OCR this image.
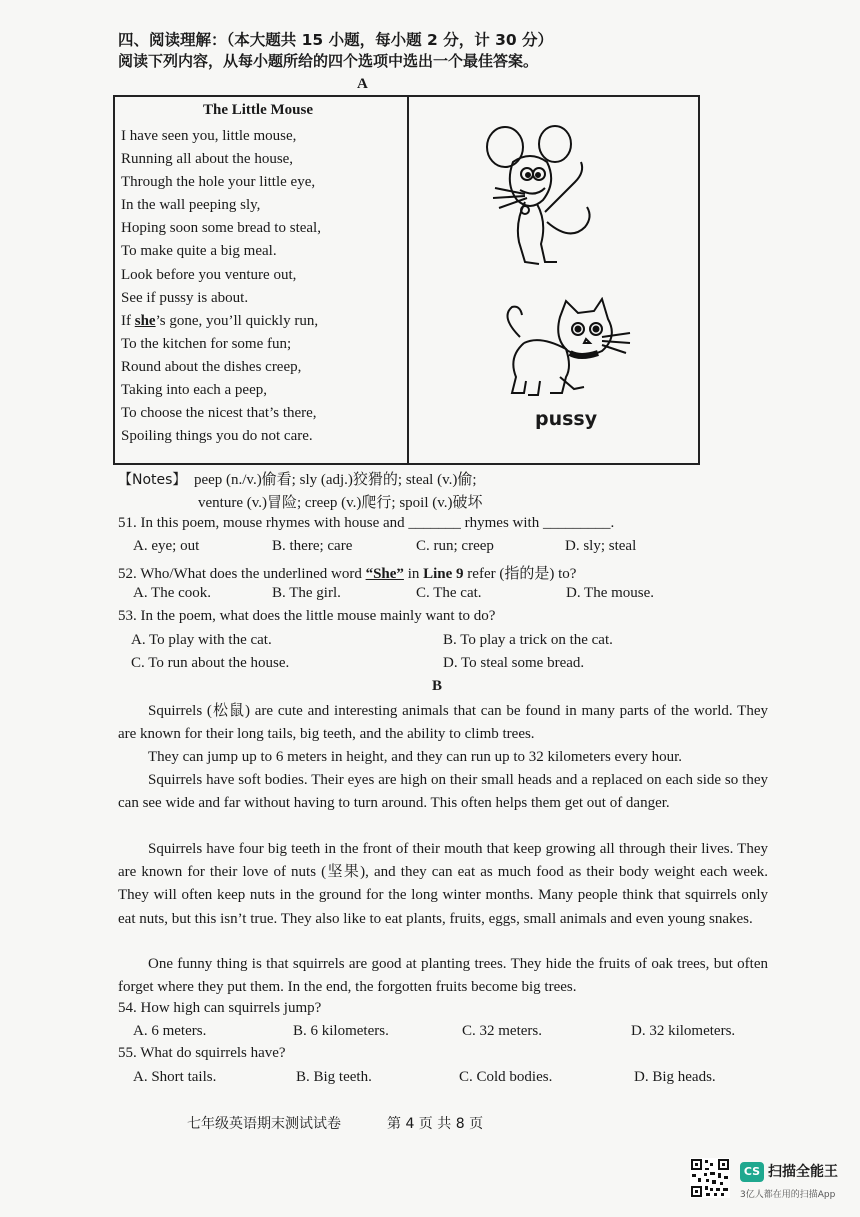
四、阅读理解：（本大题共 15 小题，每小题 2 分，计 30 分）
阅读下列内容，从每小题所给的四个选项中选出一个最佳答案。
A
The Little Mouse
I have seen you, little mouse,
Running all about the house,
Through the hole your little eye,
In the wall peeping sly,
Hoping soon some bread to steal,
To make quite a big meal.
Look before you venture out,
See if pussy is about.
If she’s gone, you’ll quickly run,
To the kitchen for some fun;
Round about the dishes creep,
Taking into each a peep,
To choose the nicest that’s there,
Spoiling things you do not care.
pussy
【Notes】 peep (n./v.)偷看; sly (adj.)狡猾的; steal (v.)偷;
venture (v.)冒险; creep (v.)爬行; spoil (v.)破坏
51. In this poem, mouse rhymes with house and _______ rhymes with _________.
A. eye; out	B. there; care	C. run; creep	D. sly; steal
52. Who/What does the underlined word “She” in Line 9 refer (指的是) to?
A. The cook.	B. The girl.	C. The cat.	D. The mouse.
53. In the poem, what does the little mouse mainly want to do?
A. To play with the cat.	B. To play a trick on the cat.
C. To run about the house.	D. To steal some bread.
B
Squirrels (松鼠) are cute and interesting animals that can be found in many parts of the world. They are known for their long tails, big teeth, and the ability to climb trees.
They can jump up to 6 meters in height, and they can run up to 32 kilometers every hour.
Squirrels have soft bodies. Their eyes are high on their small heads and a replaced on each side so they can see wide and far without having to turn around. This often helps them get out of danger.
Squirrels have four big teeth in the front of their mouth that keep growing all through their lives. They are known for their love of nuts (坚果), and they can eat as much food as their body weight each week. They will often keep nuts in the ground for the long winter months. Many people think that squirrels only eat nuts, but this isn’t true. They also like to eat plants, fruits, eggs, small animals and even young snakes.
One funny thing is that squirrels are good at planting trees. They hide the fruits of oak trees, but often forget where they put them. In the end, the forgotten fruits become big trees.
54. How high can squirrels jump?
A. 6 meters.	B. 6 kilometers.	C. 32 meters.	D. 32 kilometers.
55. What do squirrels have?
A. Short tails.	B. Big teeth.	C. Cold bodies.	D. Big heads.
七年级英语期末测试试卷	第 4 页 共 8 页
CS 扫描全能王
3亿人都在用的扫描App
